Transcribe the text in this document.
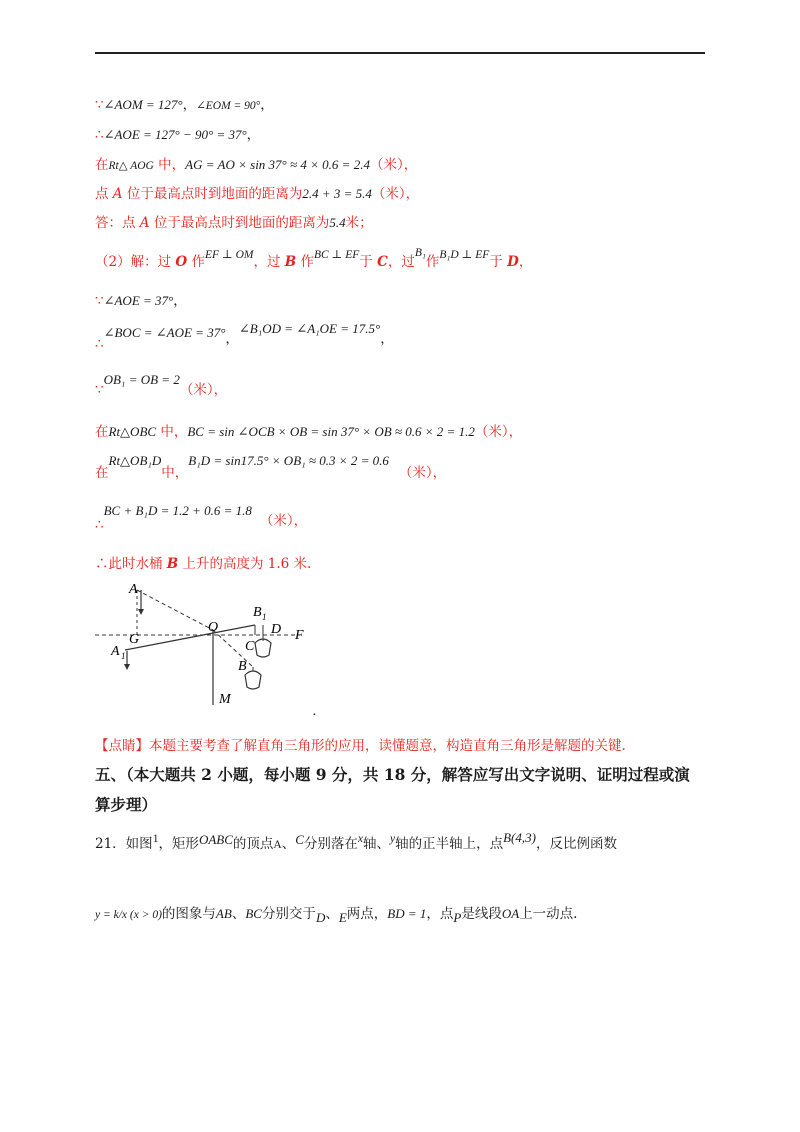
∵∠AOM = 127°，∠EOM = 90°，
∴∠AOE = 127° − 90° = 37°，
在Rt△ AOG 中，AG = AO × sin 37° ≈ 4 × 0.6 = 2.4（米），
点 A 位于最高点时到地面的距离为2.4 + 3 = 5.4（米），
答：点 A 位于最高点时到地面的距离为5.4米；
（2）解：过 O 作EF ⊥ OM，过 B 作BC ⊥ EF于 C，过B₁作B₁D ⊥ EF于 D，
∵∠AOE = 37°，
∴∠BOC = ∠AOE = 37°，∠B₁OD = ∠A₁OE = 17.5°，
∵OB₁ = OB = 2（米），
在Rt△OBC 中，BC = sin ∠OCB × OB = sin 37° × OB ≈ 0.6 × 2 = 1.2（米），
在Rt△OB₁D中，B₁D = sin17.5° × OB₁ ≈ 0.3 × 2 = 0.6（米），
∴BC + B₁D = 1.2 + 0.6 = 1.8（米），
∴此时水桶 B 上升的高度为 1.6 米.
A
G
A 1
O
B 1
D
C
B
F
M
.
【点睛】本题主要考查了解直角三角形的应用，读懂题意，构造直角三角形是解题的关键.
五、（本大题共 2 小题，每小题 9 分，共 18 分，解答应写出文字说明、证明过程或演
算步理）
21．如图1，矩形OABC的顶点A、C分别落在x轴、y轴的正半轴上，点B(4,3)，反比例函数
y = k/x (x > 0)的图象与AB、BC分别交于D、E两点，BD = 1，点P是线段OA上一动点.
